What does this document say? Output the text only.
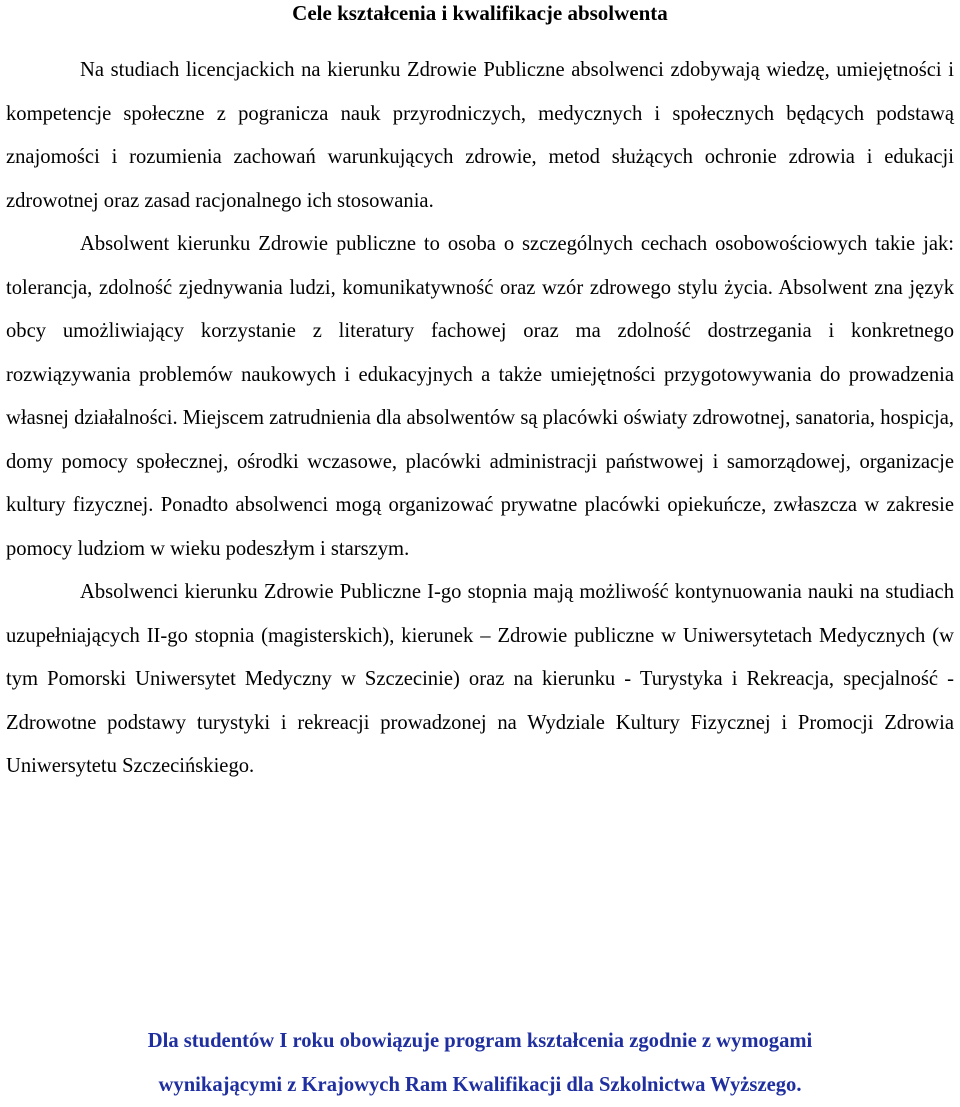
Cele kształcenia i kwalifikacje absolwenta

Na studiach licencjackich na kierunku Zdrowie Publiczne absolwenci zdobywają wiedzę, umiejętności i kompetencje społeczne z pogranicza nauk przyrodniczych, medycznych i społecznych będących podstawą znajomości i rozumienia zachowań warunkujących zdrowie, metod służących ochronie zdrowia i edukacji zdrowotnej oraz zasad racjonalnego ich stosowania.

Absolwent kierunku Zdrowie publiczne to osoba o szczególnych cechach osobowościowych takie jak: tolerancja, zdolność zjednywania ludzi, komunikatywność oraz wzór zdrowego stylu życia. Absolwent zna język obcy umożliwiający korzystanie z literatury fachowej oraz ma zdolność dostrzegania i konkretnego rozwiązywania problemów naukowych i edukacyjnych a także umiejętności przygotowywania do prowadzenia własnej działalności. Miejscem zatrudnienia dla absolwentów są placówki oświaty zdrowotnej, sanatoria, hospicja, domy pomocy społecznej, ośrodki wczasowe, placówki administracji państwowej i samorządowej, organizacje kultury fizycznej. Ponadto absolwenci mogą organizować prywatne placówki opiekuńcze, zwłaszcza w zakresie pomocy ludziom w wieku podeszłym i starszym.

Absolwenci kierunku Zdrowie Publiczne I-go stopnia mają możliwość kontynuowania nauki na studiach uzupełniających II-go stopnia (magisterskich), kierunek – Zdrowie publiczne w Uniwersytetach Medycznych (w tym Pomorski Uniwersytet Medyczny w Szczecinie) oraz na kierunku - Turystyka i Rekreacja, specjalność - Zdrowotne podstawy turystyki i rekreacji prowadzonej na Wydziale Kultury Fizycznej i Promocji Zdrowia Uniwersytetu Szczecińskiego.

Dla studentów I roku obowiązuje program kształcenia zgodnie z wymogami
wynikającymi z Krajowych Ram Kwalifikacji dla Szkolnictwa Wyższego.
